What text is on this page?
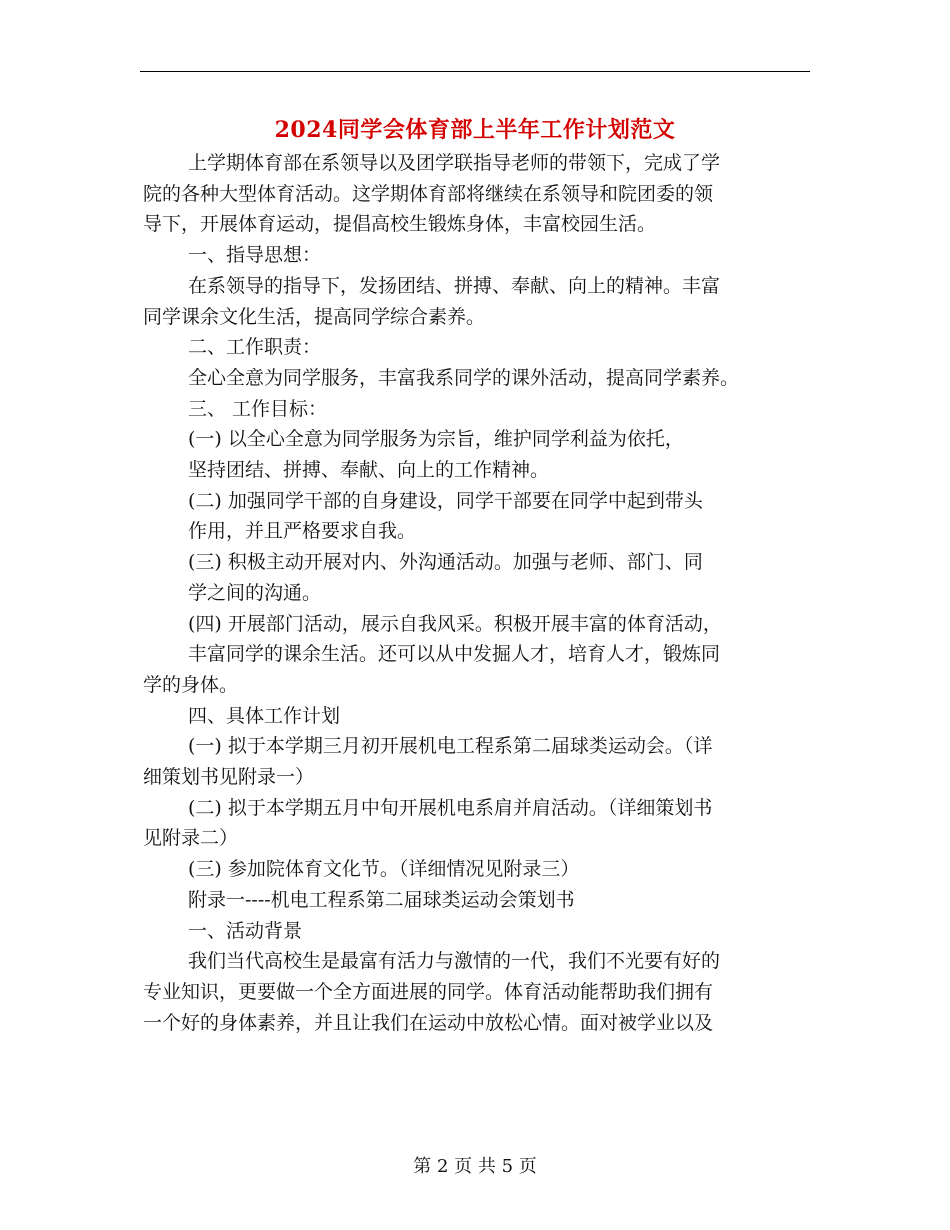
2024同学会体育部上半年工作计划范文

上学期体育部在系领导以及团学联指导老师的带领下，完成了学

院的各种大型体育活动。这学期体育部将继续在系领导和院团委的领

导下，开展体育运动，提倡高校生锻炼身体，丰富校园生活。

一、指导思想：

在系领导的指导下，发扬团结、拼搏、奉献、向上的精神。丰富

同学课余文化生活，提高同学综合素养。

二、工作职责：

全心全意为同学服务，丰富我系同学的课外活动，提高同学素养。

三、 工作目标：

(一) 以全心全意为同学服务为宗旨，维护同学利益为依托，

坚持团结、拼搏、奉献、向上的工作精神。

(二) 加强同学干部的自身建设，同学干部要在同学中起到带头

作用，并且严格要求自我。

(三) 积极主动开展对内、外沟通活动。加强与老师、部门、同

学之间的沟通。

(四) 开展部门活动，展示自我风采。积极开展丰富的体育活动，

丰富同学的课余生活。还可以从中发掘人才，培育人才，锻炼同

学的身体。

四、具体工作计划

(一) 拟于本学期三月初开展机电工程系第二届球类运动会。（详

细策划书见附录一）

(二) 拟于本学期五月中旬开展机电系肩并肩活动。（详细策划书

见附录二）

(三) 参加院体育文化节。（详细情况见附录三）

附录一----机电工程系第二届球类运动会策划书

一、活动背景

我们当代高校生是最富有活力与激情的一代，我们不光要有好的

专业知识，更要做一个全方面进展的同学。体育活动能帮助我们拥有

一个好的身体素养，并且让我们在运动中放松心情。面对被学业以及

第 2 页 共 5 页
